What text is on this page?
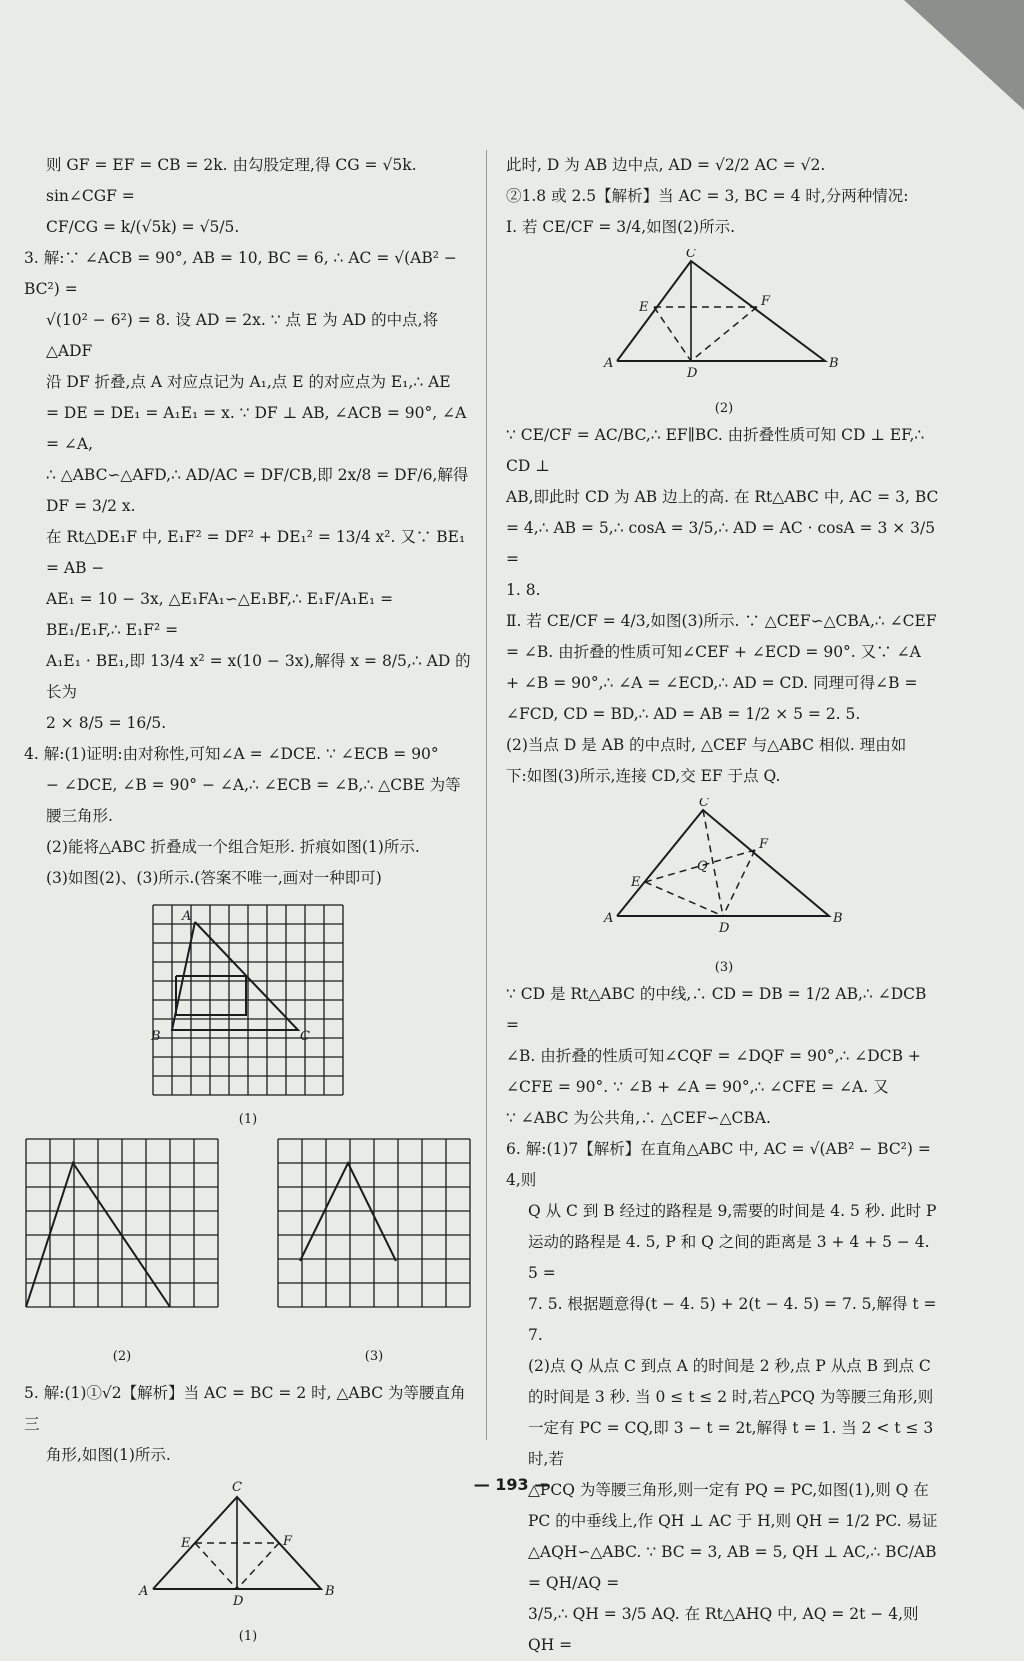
则 GF = EF = CB = 2k. 由勾股定理,得 CG = √5k. sin∠CGF =

CF/CG = k/(√5k) = √5/5.

3. 解:∵ ∠ACB = 90°, AB = 10, BC = 6, ∴ AC = √(AB² − BC²) =

√(10² − 6²) = 8. 设 AD = 2x. ∵ 点 E 为 AD 的中点,将△ADF

沿 DF 折叠,点 A 对应点记为 A₁,点 E 的对应点为 E₁,∴ AE

= DE = DE₁ = A₁E₁ = x. ∵ DF ⊥ AB, ∠ACB = 90°, ∠A = ∠A,

∴ △ABC∽△AFD,∴ AD/AC = DF/CB,即 2x/8 = DF/6,解得 DF = 3/2 x.

在 Rt△DE₁F 中, E₁F² = DF² + DE₁² = 13/4 x². 又∵ BE₁ = AB −

AE₁ = 10 − 3x, △E₁FA₁∽△E₁BF,∴ E₁F/A₁E₁ = BE₁/E₁F,∴ E₁F² =

A₁E₁ · BE₁,即 13/4 x² = x(10 − 3x),解得 x = 8/5,∴ AD 的长为

2 × 8/5 = 16/5.

4. 解:(1)证明:由对称性,可知∠A = ∠DCE. ∵ ∠ECB = 90°

− ∠DCE, ∠B = 90° − ∠A,∴ ∠ECB = ∠B,∴ △CBE 为等

腰三角形.

(2)能将△ABC 折叠成一个组合矩形. 折痕如图(1)所示.

(3)如图(2)、(3)所示.(答案不唯一,画对一种即可)

A
B	C
(1)
(2)	(3)

5. 解:(1)①√2【解析】当 AC = BC = 2 时, △ABC 为等腰直角三

角形,如图(1)所示.

C
E	F
A
D
B
(1)

此时, D 为 AB 边中点, AD = √2/2 AC = √2.

②1.8 或 2.5【解析】当 AC = 3, BC = 4 时,分两种情况:

Ⅰ. 若 CE/CF = 3/4,如图(2)所示.

C
E	F
A
D
B
(2)

∵ CE/CF = AC/BC,∴ EF∥BC. 由折叠性质可知 CD ⊥ EF,∴ CD ⊥

AB,即此时 CD 为 AB 边上的高. 在 Rt△ABC 中, AC = 3, BC

= 4,∴ AB = 5,∴ cosA = 3/5,∴ AD = AC · cosA = 3 × 3/5 =

1. 8.

Ⅱ. 若 CE/CF = 4/3,如图(3)所示. ∵ △CEF∽△CBA,∴ ∠CEF

= ∠B. 由折叠的性质可知∠CEF + ∠ECD = 90°. 又∵ ∠A

+ ∠B = 90°,∴ ∠A = ∠ECD,∴ AD = CD. 同理可得∠B =

∠FCD, CD = BD,∴ AD = AB = 1/2 × 5 = 2. 5.

(2)当点 D 是 AB 的中点时, △CEF 与△ABC 相似. 理由如

下:如图(3)所示,连接 CD,交 EF 于点 Q.

C
E
F
Q
A
D
B
(3)

∵ CD 是 Rt△ABC 的中线,∴ CD = DB = 1/2 AB,∴ ∠DCB =

∠B. 由折叠的性质可知∠CQF = ∠DQF = 90°,∴ ∠DCB +

∠CFE = 90°. ∵ ∠B + ∠A = 90°,∴ ∠CFE = ∠A. 又

∵ ∠ABC 为公共角,∴ △CEF∽△CBA.

6. 解:(1)7【解析】在直角△ABC 中, AC = √(AB² − BC²) = 4,则

Q 从 C 到 B 经过的路程是 9,需要的时间是 4. 5 秒. 此时 P

运动的路程是 4. 5, P 和 Q 之间的距离是 3 + 4 + 5 − 4. 5 =

7. 5. 根据题意得(t − 4. 5) + 2(t − 4. 5) = 7. 5,解得 t = 7.

(2)点 Q 从点 C 到点 A 的时间是 2 秒,点 P 从点 B 到点 C

的时间是 3 秒. 当 0 ≤ t ≤ 2 时,若△PCQ 为等腰三角形,则

一定有 PC = CQ,即 3 − t = 2t,解得 t = 1. 当 2 < t ≤ 3 时,若

△PCQ 为等腰三角形,则一定有 PQ = PC,如图(1),则 Q 在

PC 的中垂线上,作 QH ⊥ AC 于 H,则 QH = 1/2 PC. 易证

△AQH∽△ABC. ∵ BC = 3, AB = 5, QH ⊥ AC,∴ BC/AB = QH/AQ =

3/5,∴ QH = 3/5 AQ. 在 Rt△AHQ 中, AQ = 2t − 4,则 QH =

— 193 —
